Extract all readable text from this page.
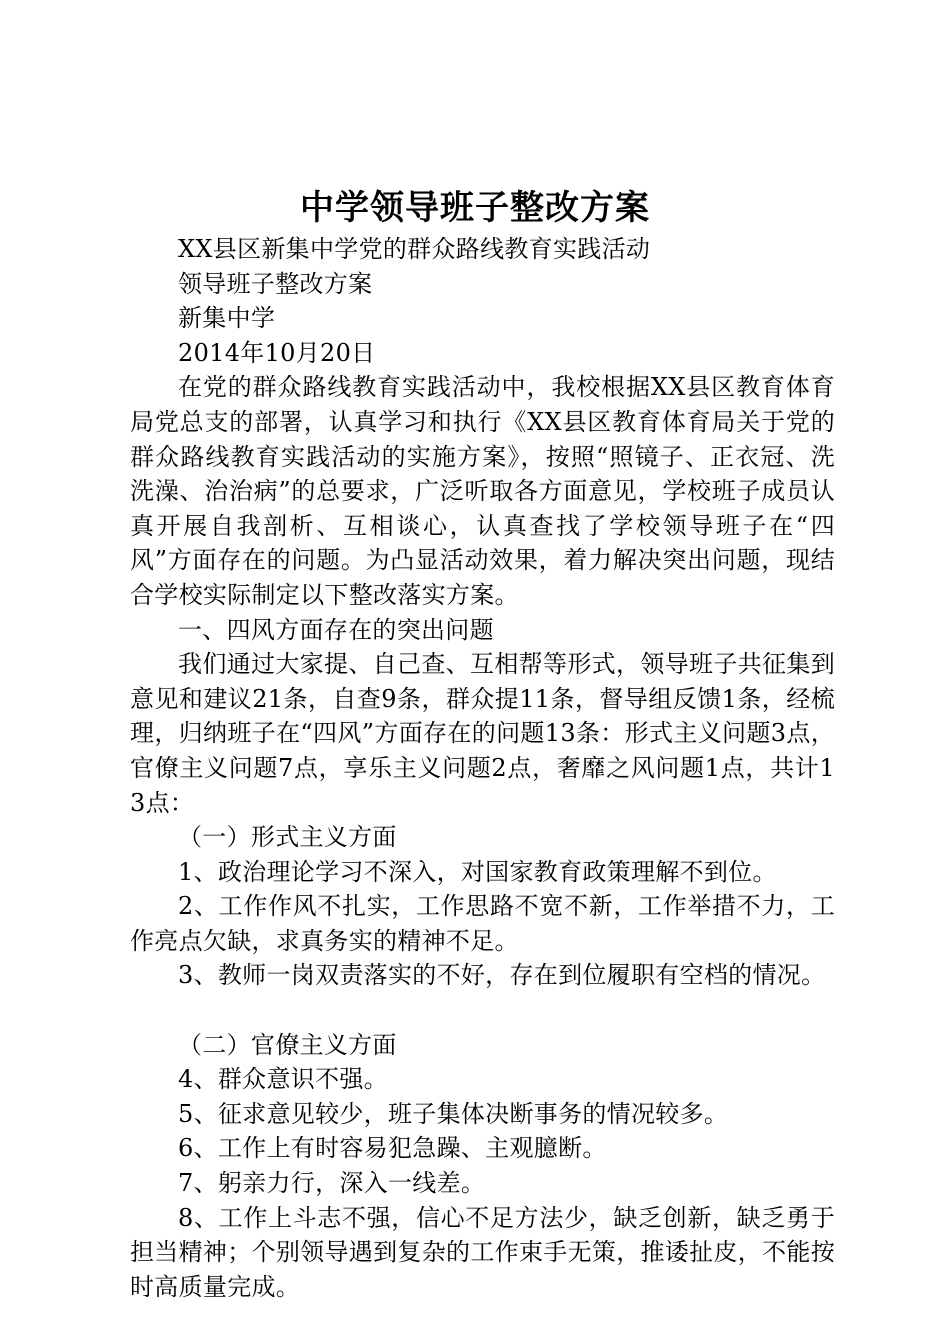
中学领导班子整改方案

XX县区新集中学党的群众路线教育实践活动

领导班子整改方案

新集中学

2014年10月20日

在党的群众路线教育实践活动中，我校根据XX县区教育体育局党总支的部署，认真学习和执行《XX县区教育体育局关于党的群众路线教育实践活动的实施方案》，按照“照镜子、正衣冠、洗洗澡、治治病”的总要求，广泛听取各方面意见，学校班子成员认真开展自我剖析、互相谈心，认真查找了学校领导班子在“四风”方面存在的问题。为凸显活动效果，着力解决突出问题，现结合学校实际制定以下整改落实方案。

一、四风方面存在的突出问题

我们通过大家提、自己查、互相帮等形式，领导班子共征集到意见和建议21条，自查9条，群众提11条，督导组反馈1条，经梳理，归纳班子在“四风”方面存在的问题13条：形式主义问题3点，官僚主义问题7点，享乐主义问题2点，奢靡之风问题1点，共计13点：

（一）形式主义方面

1、政治理论学习不深入，对国家教育政策理解不到位。

2、工作作风不扎实，工作思路不宽不新，工作举措不力，工作亮点欠缺，求真务实的精神不足。

3、教师一岗双责落实的不好，存在到位履职有空档的情况。

（二）官僚主义方面

4、群众意识不强。

5、征求意见较少，班子集体决断事务的情况较多。

6、工作上有时容易犯急躁、主观臆断。

7、躬亲力行，深入一线差。

8、工作上斗志不强，信心不足方法少，缺乏创新，缺乏勇于担当精神；个别领导遇到复杂的工作束手无策，推诿扯皮，不能按时高质量完成。
